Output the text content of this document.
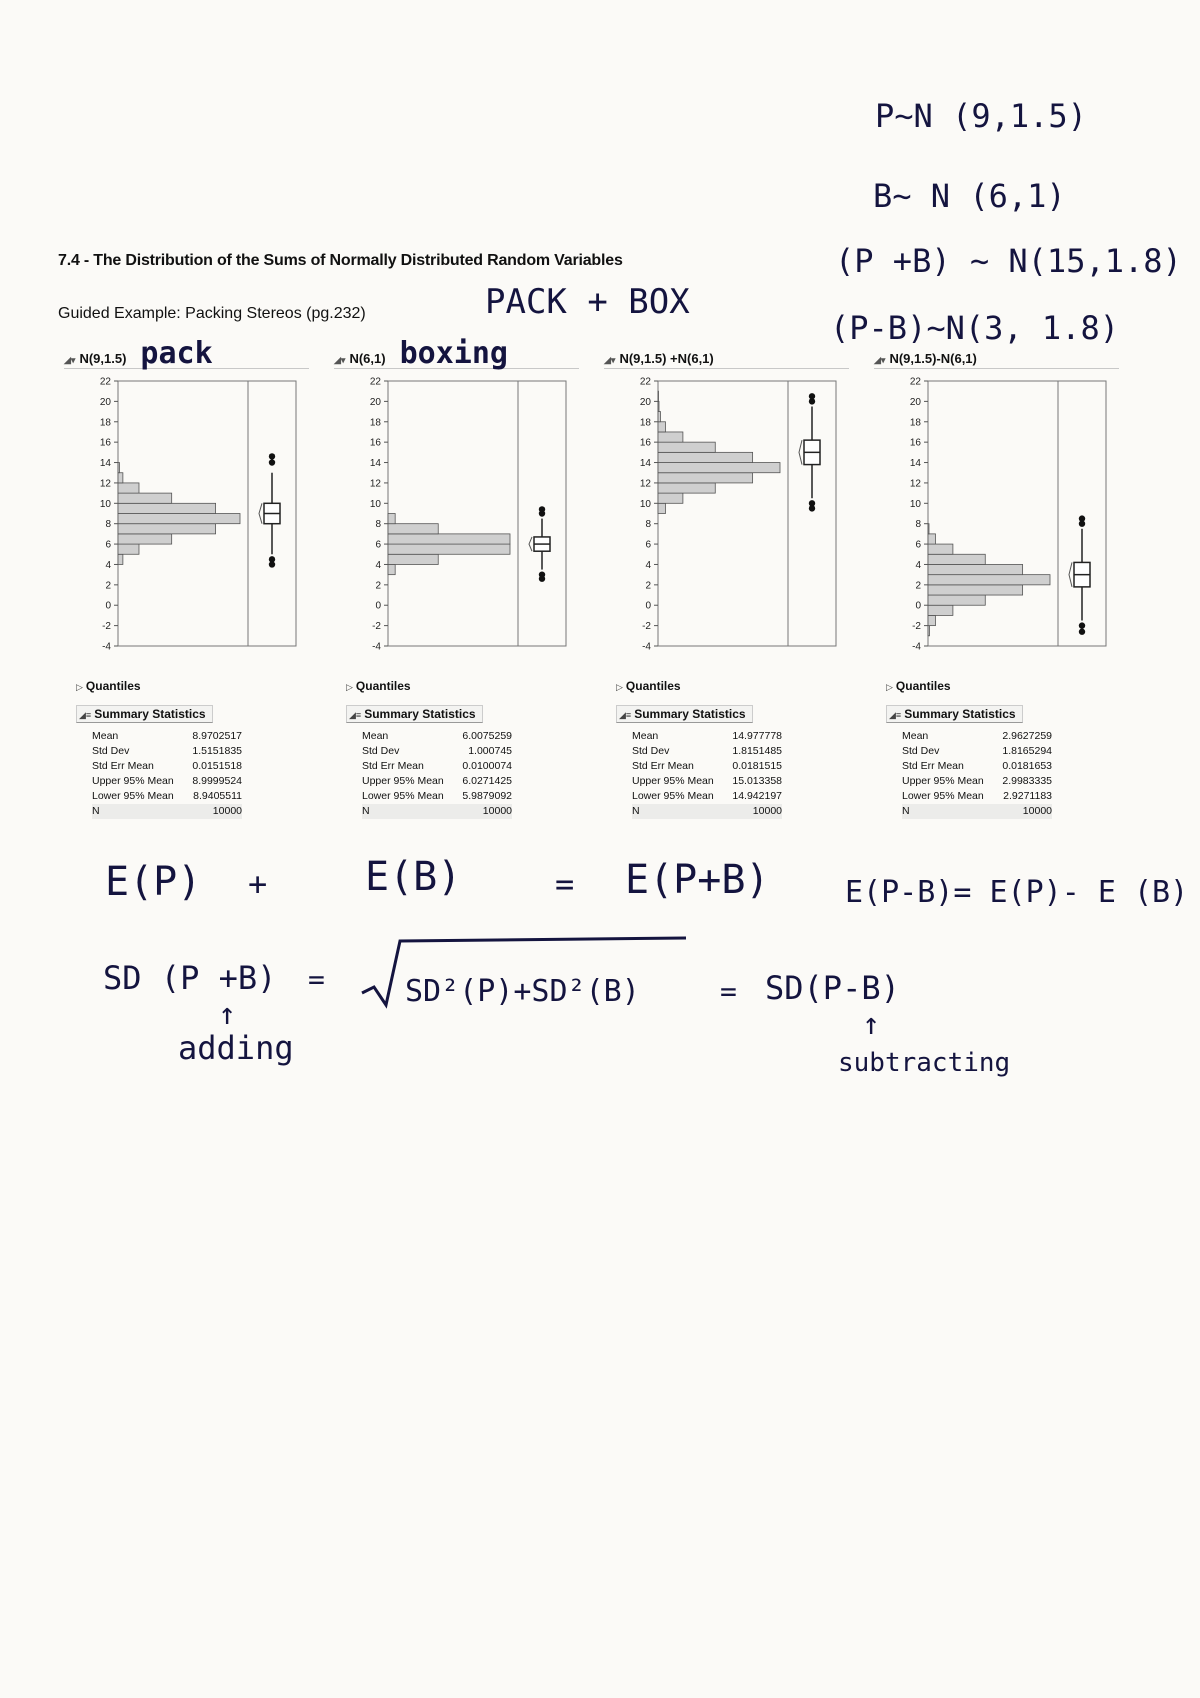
P∼N (9,1.5)
B∼ N (6,1)
(P +B) ∼ N(15,1.8)
(P-B)∼N(3, 1.8)
PACK + BOX
7.4 - The Distribution of the Sums of Normally Distributed Random Variables
Guided Example: Packing Stereos (pg.232)
◢▾ N(9,1.5) pack
22
20
18
16
14
12
10
8
6
4
2
0
-2
-4
▷ Quantiles
◢≡ Summary Statistics
Mean	8.9702517
Std Dev	1.5151835
Std Err Mean	0.0151518
Upper 95% Mean	8.9999524
Lower 95% Mean	8.9405511
N	10000
◢▾ N(6,1) boxing
22
20
18
16
14
12
10
8
6
4
2
0
-2
-4
▷ Quantiles
◢≡ Summary Statistics
Mean	6.0075259
Std Dev	1.000745
Std Err Mean	0.0100074
Upper 95% Mean	6.0271425
Lower 95% Mean	5.9879092
N	10000
◢▾ N(9,1.5) +N(6,1)
22
20
18
16
14
12
10
8
6
4
2
0
-2
-4
▷ Quantiles
◢≡ Summary Statistics
Mean	14.977778
Std Dev	1.8151485
Std Err Mean	0.0181515
Upper 95% Mean	15.013358
Lower 95% Mean	14.942197
N	10000
◢▾ N(9,1.5)-N(6,1)
22
20
18
16
14
12
10
8
6
4
2
0
-2
-4
▷ Quantiles
◢≡ Summary Statistics
Mean	2.9627259
Std Dev	1.8165294
Std Err Mean	0.0181653
Upper 95% Mean	2.9983335
Lower 95% Mean	2.9271183
N	10000
E(P) + E(B)	= E(P+B)	E(P-B)= E(P)- E (B)
SD (P +B) =	SD²(P)+SD²(B)	= SD(P-B)
↑
adding
↑
subtracting
